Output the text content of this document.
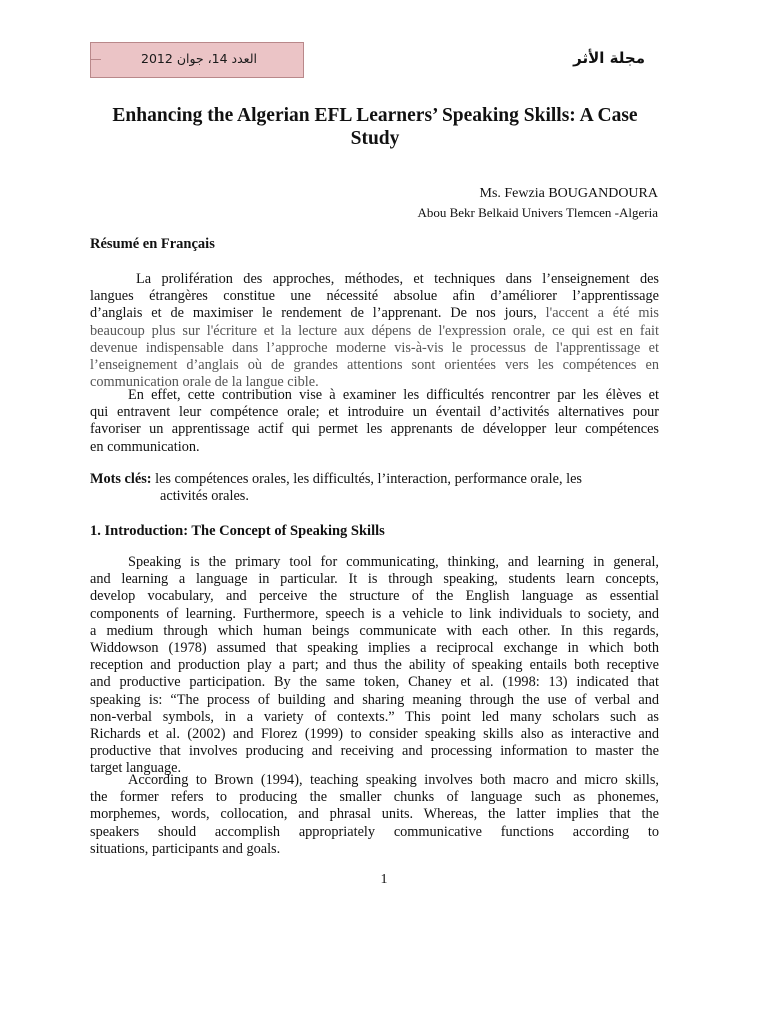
العدد 14، جوان 2012	مجلة الأثر
Enhancing the Algerian EFL Learners’ Speaking Skills: A Case
Study
Ms. Fewzia BOUGANDOURA
Abou Bekr Belkaid Univers Tlemcen -Algeria
Résumé en Français
La prolifération des approches, méthodes, et techniques dans l’enseignement des
langues étrangères constitue une nécessité absolue afin d’améliorer l’apprentissage
d’anglais et de maximiser le rendement de l’apprenant. De nos jours, l'accent a été mis
beaucoup plus sur l'écriture et la lecture aux dépens de l'expression orale, ce qui est en fait
devenue indispensable dans l’approche moderne vis-à-vis le processus de l'apprentissage et
l’enseignement d’anglais où de grandes attentions sont orientées vers les compétences en
communication orale de la langue cible.
En effet, cette contribution vise à examiner les difficultés rencontrer par les élèves et
qui entravent leur compétence orale; et introduire un éventail d’activités alternatives pour
favoriser un apprentissage actif qui permet les apprenants de développer leur compétences
en communication.
Mots clés: les compétences orales, les difficultés, l’interaction, performance orale, les
activités orales.
1. Introduction: The Concept of Speaking Skills
Speaking is the primary tool for communicating, thinking, and learning in general,
and learning a language in particular. It is through speaking, students learn concepts,
develop vocabulary, and perceive the structure of the English language as essential
components of learning. Furthermore, speech is a vehicle to link individuals to society, and
a medium through which human beings communicate with each other. In this regards,
Widdowson (1978) assumed that speaking implies a reciprocal exchange in which both
reception and production play a part; and thus the ability of speaking entails both receptive
and productive participation. By the same token, Chaney et al. (1998: 13) indicated that
speaking is: “The process of building and sharing meaning through the use of verbal and
non-verbal symbols, in a variety of contexts.” This point led many scholars such as
Richards et al. (2002) and Florez (1999) to consider speaking skills also as interactive and
productive that involves producing and receiving and processing information to master the
target language.
According to Brown (1994), teaching speaking involves both macro and micro skills,
the former refers to producing the smaller chunks of language such as phonemes,
morphemes, words, collocation, and phrasal units. Whereas, the latter implies that the
speakers should accomplish appropriately communicative functions according to
situations, participants and goals.
1
